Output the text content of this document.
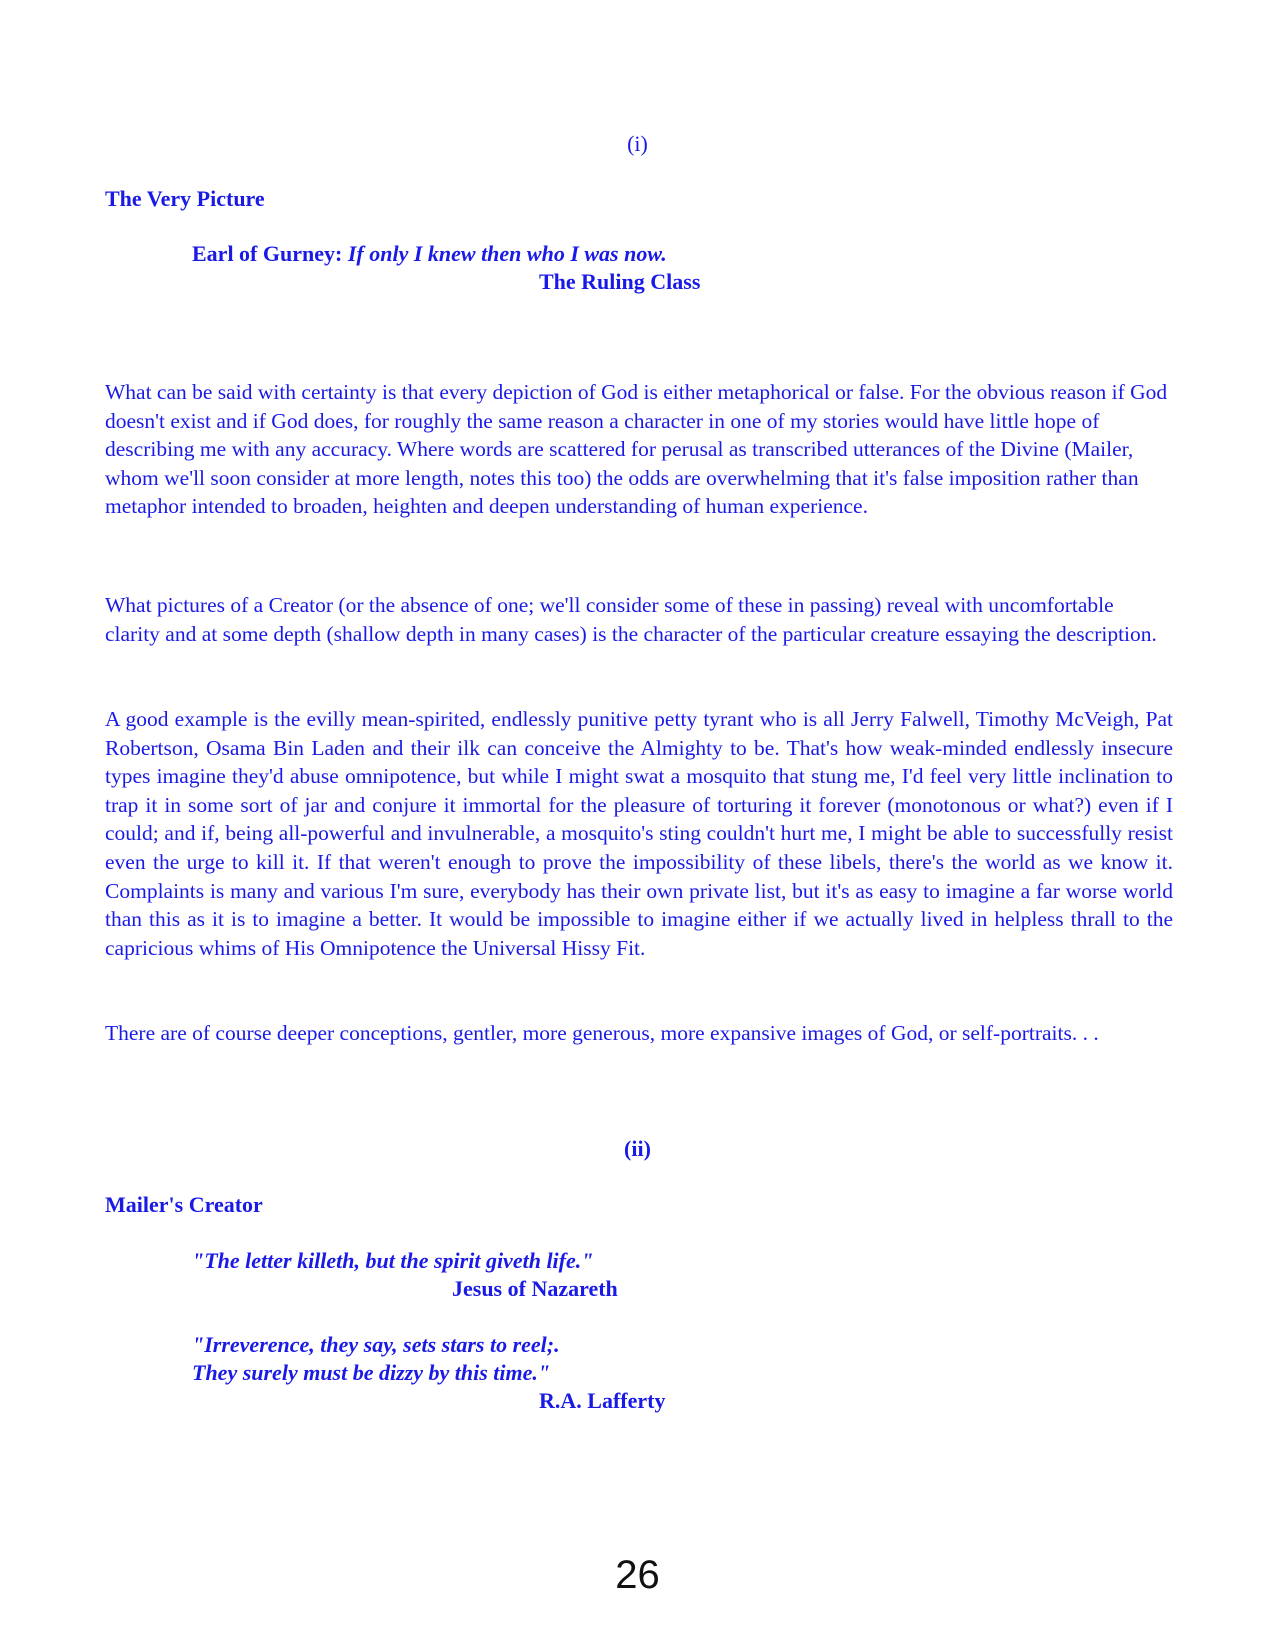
(i)
The Very Picture
Earl of Gurney: If only I knew then who I was now.
The Ruling Class

What can be said with certainty is that every depiction of God is either metaphorical or false. For the obvious reason if God doesn't exist and if God does, for roughly the same reason a character in one of my stories would have little hope of describing me with any accuracy. Where words are scattered for perusal as transcribed utterances of the Divine (Mailer, whom we'll soon consider at more length, notes this too) the odds are overwhelming that it's false imposition rather than metaphor intended to broaden, heighten and deepen understanding of human experience.

What pictures of a Creator (or the absence of one; we'll consider some of these in passing) reveal with uncomfortable clarity and at some depth (shallow depth in many cases) is the character of the particular creature essaying the description.

A good example is the evilly mean-spirited, endlessly punitive petty tyrant who is all Jerry Falwell, Timothy McVeigh, Pat Robertson, Osama Bin Laden and their ilk can conceive the Almighty to be. That's how weak-minded endlessly insecure types imagine they'd abuse omnipotence, but while I might swat a mosquito that stung me, I'd feel very little inclination to trap it in some sort of jar and conjure it immortal for the pleasure of torturing it forever (monotonous or what?) even if I could; and if, being all-powerful and invulnerable, a mosquito's sting couldn't hurt me, I might be able to successfully resist even the urge to kill it. If that weren't enough to prove the impossibility of these libels, there's the world as we know it. Complaints is many and various I'm sure, everybody has their own private list, but it's as easy to imagine a far worse world than this as it is to imagine a better. It would be impossible to imagine either if we actually lived in helpless thrall to the capricious whims of His Omnipotence the Universal Hissy Fit.

There are of course deeper conceptions, gentler, more generous, more expansive images of God, or self-portraits. . .

(ii)
Mailer's Creator
"The letter killeth, but the spirit giveth life."
Jesus of Nazareth
"Irreverence, they say, sets stars to reel;.
They surely must be dizzy by this time."
R.A. Lafferty
26
